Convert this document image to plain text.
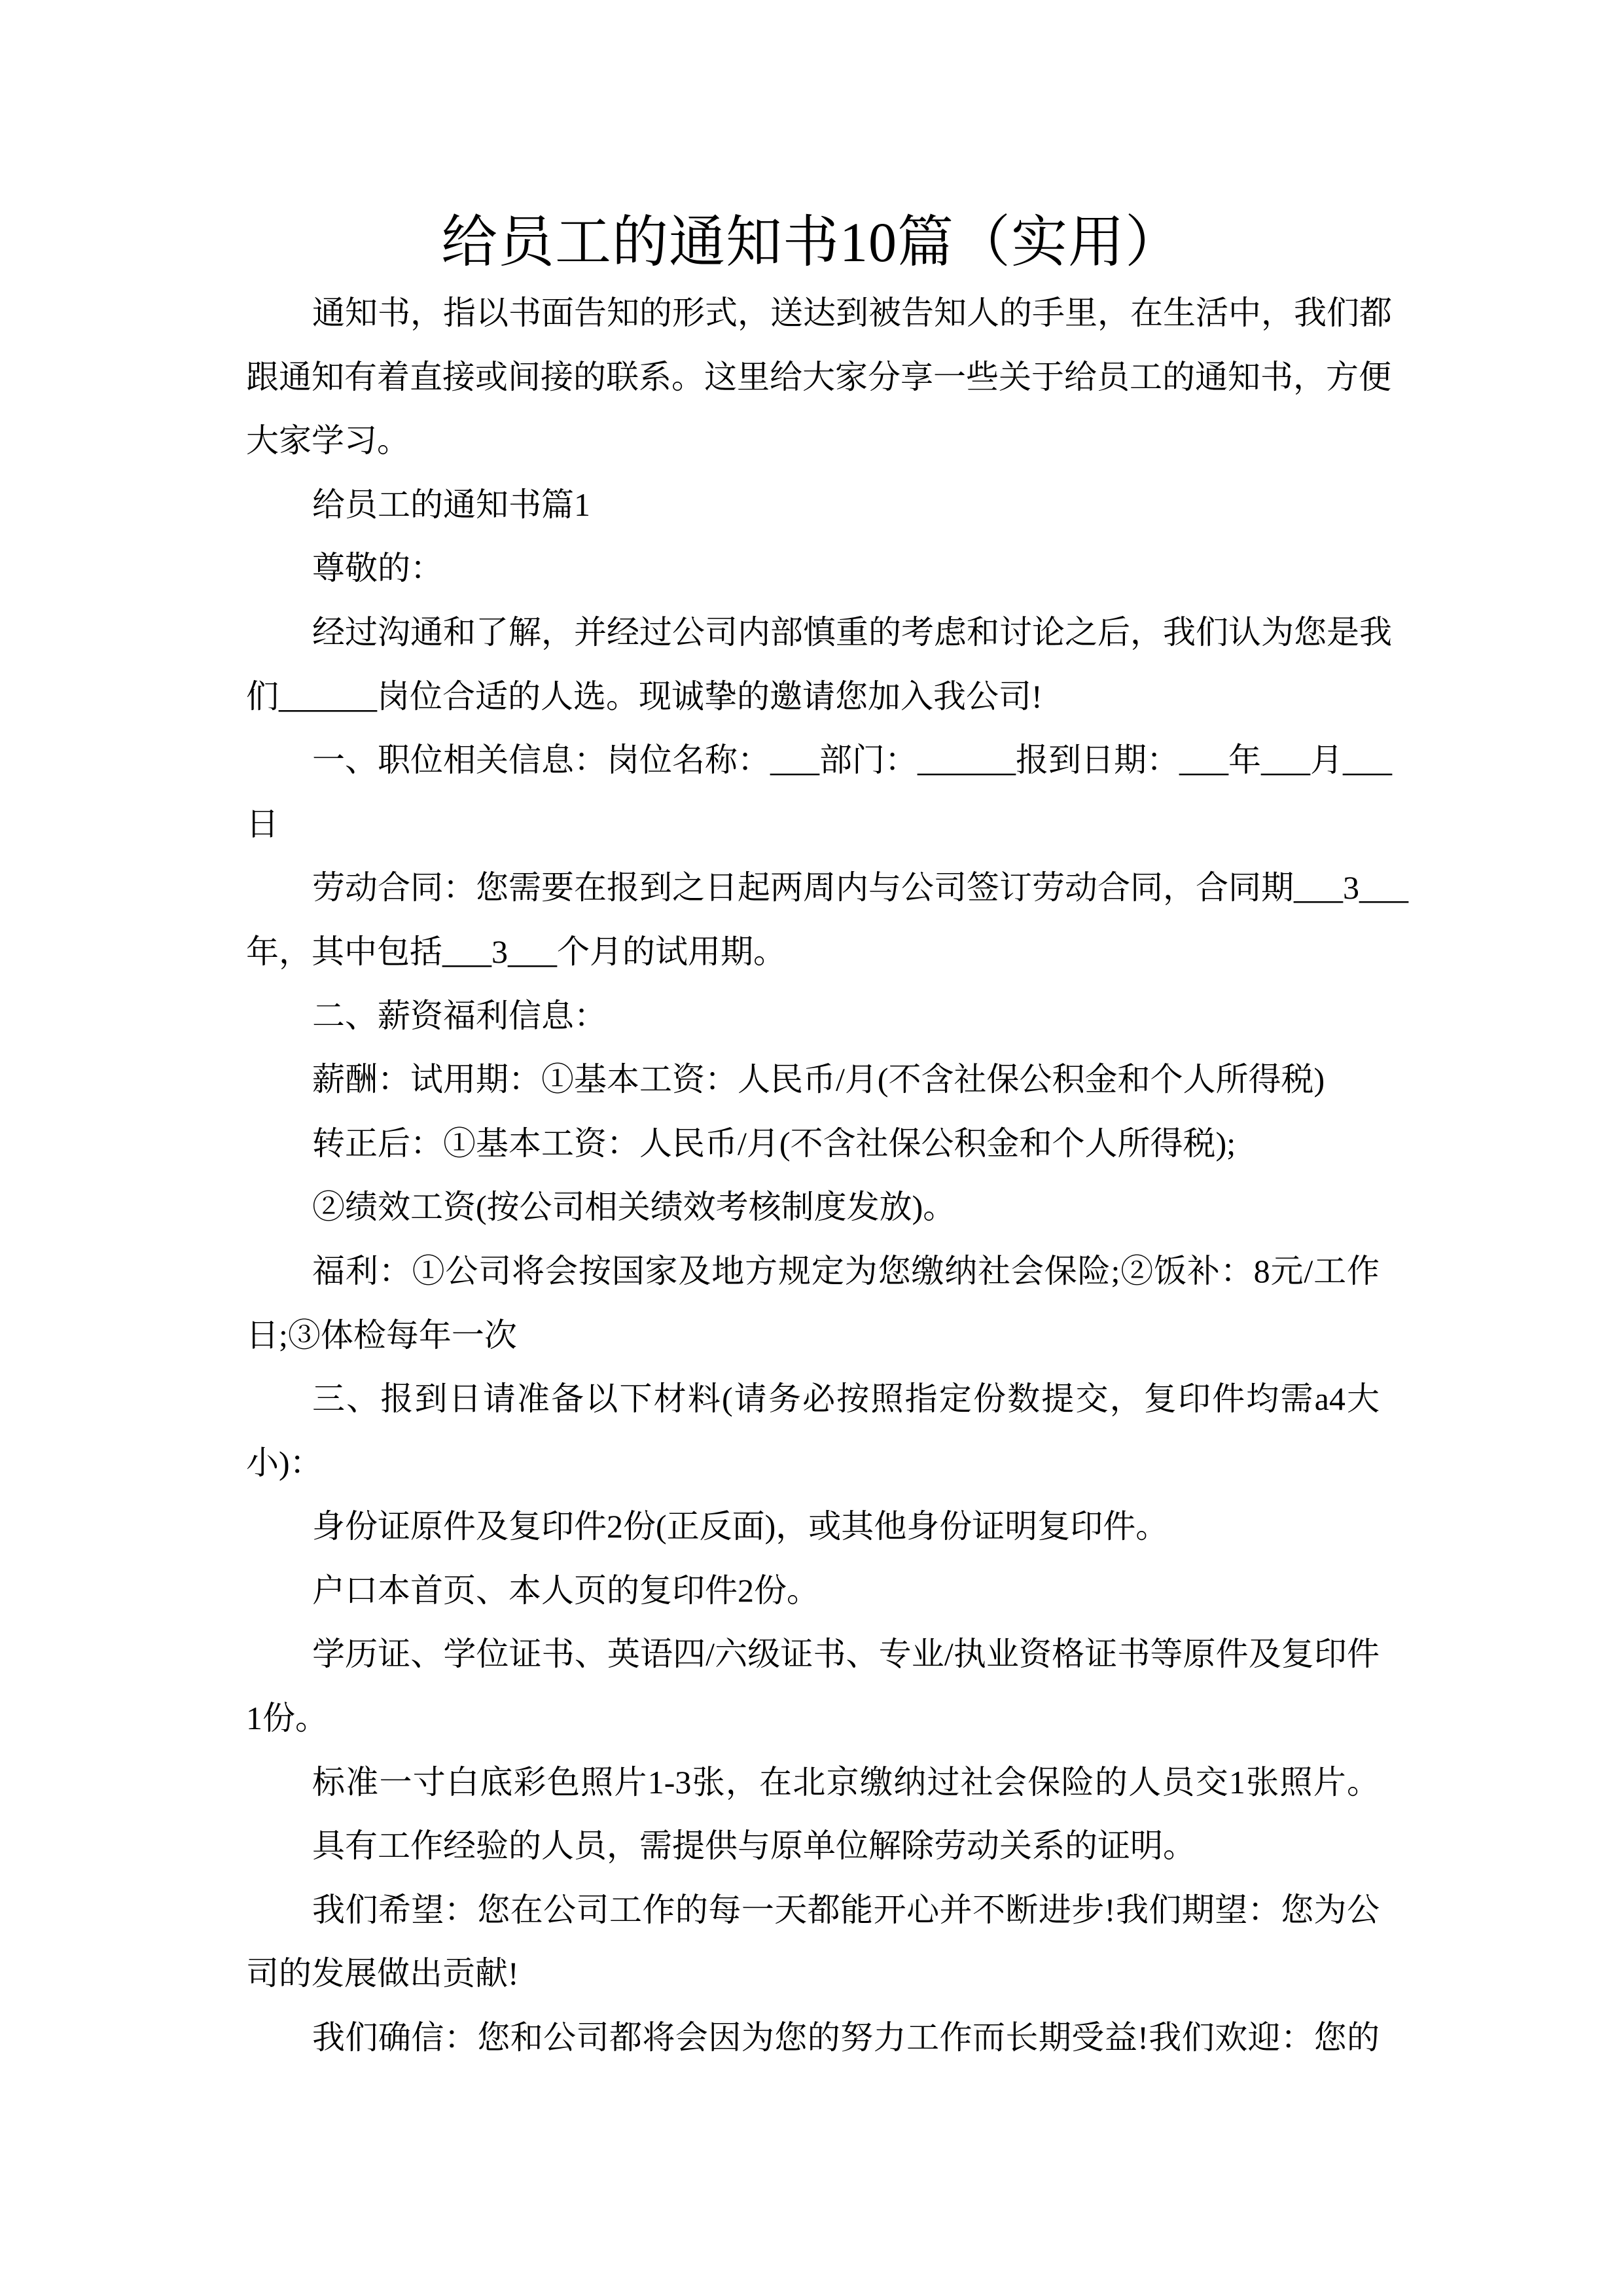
给员工的通知书10篇（实用）
通知书，指以书面告知的形式，送达到被告知人的手里，在生活中，我们都
跟通知有着直接或间接的联系。这里给大家分享一些关于给员工的通知书，方便
大家学习。
给员工的通知书篇1
尊敬的：
经过沟通和了解，并经过公司内部慎重的考虑和讨论之后，我们认为您是我
们______岗位合适的人选。现诚挚的邀请您加入我公司!
一、职位相关信息：岗位名称：___部门：______报到日期：___年___月___
日
劳动合同：您需要在报到之日起两周内与公司签订劳动合同，合同期___3___
年，其中包括___3___个月的试用期。
二、薪资福利信息：
薪酬：试用期：①基本工资：人民币/月(不含社保公积金和个人所得税)
转正后：①基本工资：人民币/月(不含社保公积金和个人所得税);
②绩效工资(按公司相关绩效考核制度发放)。
福利：①公司将会按国家及地方规定为您缴纳社会保险;②饭补：8元/工作
日;③体检每年一次
三、报到日请准备以下材料(请务必按照指定份数提交，复印件均需a4大
小)：
身份证原件及复印件2份(正反面)，或其他身份证明复印件。
户口本首页、本人页的复印件2份。
学历证、学位证书、英语四/六级证书、专业/执业资格证书等原件及复印件
1份。
标准一寸白底彩色照片1-3张，在北京缴纳过社会保险的人员交1张照片。
具有工作经验的人员，需提供与原单位解除劳动关系的证明。
我们希望：您在公司工作的每一天都能开心并不断进步!我们期望：您为公
司的发展做出贡献!
我们确信：您和公司都将会因为您的努力工作而长期受益!我们欢迎：您的
